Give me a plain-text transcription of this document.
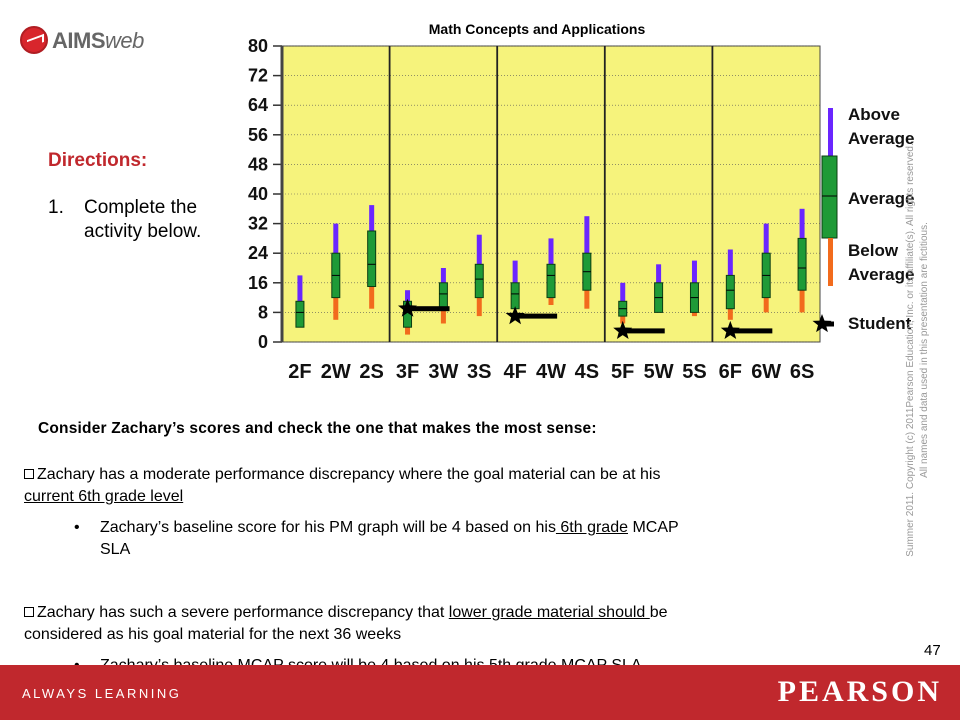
AIMSweb
Directions:
1. Complete the activity below.
Math Concepts and Applications
0
8
16
24
32
40
48
56
64
72
80
2F 2W 2S 3F 3W 3S 4F 4W 4S 5F 5W 5S 6F 6W 6S
Above
Average
Average
Below
Average
Student
Consider Zachary’s scores and check the one that makes the most sense:
Zachary has a moderate performance discrepancy where the goal material can be at his
current 6th grade level
• Zachary’s baseline score for his PM graph will be 4 based on his 6th grade MCAP
SLA
Zachary has such a severe performance discrepancy that lower grade material should be
considered as his goal material for the next 36 weeks
Summer 2011. Copyright (c) 2011Pearson Education, Inc. or its affiliate(s). All rights reserved. All names and data used in this presentation are fictitious.
47
ALWAYS LEARNING	PEARSON
